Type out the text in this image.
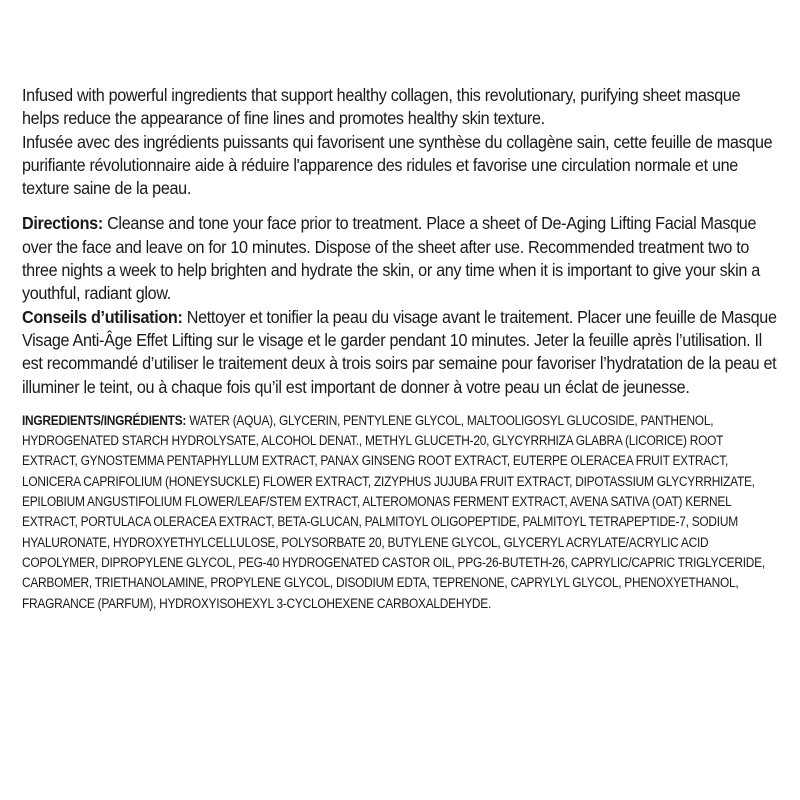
Infused with powerful ingredients that support healthy collagen, this revolutionary, purifying sheet masque helps reduce the appearance of fine lines and promotes healthy skin texture.

Infusée avec des ingrédients puissants qui favorisent une synthèse du collagène sain, cette feuille de masque purifiante révolutionnaire aide à réduire l'apparence des ridules et favorise une circulation normale et une texture saine de la peau.

Directions: Cleanse and tone your face prior to treatment. Place a sheet of De-Aging Lifting Facial Masque over the face and leave on for 10 minutes. Dispose of the sheet after use. Recommended treatment two to three nights a week to help brighten and hydrate the skin, or any time when it is important to give your skin a youthful, radiant glow.

Conseils d’utilisation: Nettoyer et tonifier la peau du visage avant le traitement. Placer une feuille de Masque Visage Anti-Âge Effet Lifting sur le visage et le garder pendant 10 minutes. Jeter la feuille après l’utilisation. Il est recommandé d’utiliser le traitement deux à trois soirs par semaine pour favoriser l’hydratation de la peau et illuminer le teint, ou à chaque fois qu’il est important de donner à votre peau un éclat de jeunesse.

INGREDIENTS/INGRÉDIENTS: WATER (AQUA), GLYCERIN, PENTYLENE GLYCOL, MALTOOLIGOSYL GLUCOSIDE, PANTHENOL, HYDROGENATED STARCH HYDROLYSATE, ALCOHOL DENAT., METHYL GLUCETH-20, GLYCYRRHIZA GLABRA (LICORICE) ROOT EXTRACT, GYNOSTEMMA PENTAPHYLLUM EXTRACT, PANAX GINSENG ROOT EXTRACT, EUTERPE OLERACEA FRUIT EXTRACT, LONICERA CAPRIFOLIUM (HONEYSUCKLE) FLOWER EXTRACT, ZIZYPHUS JUJUBA FRUIT EXTRACT, DIPOTASSIUM GLYCYRRHIZATE, EPILOBIUM ANGUSTIFOLIUM FLOWER/LEAF/STEM EXTRACT, ALTEROMONAS FERMENT EXTRACT, AVENA SATIVA (OAT) KERNEL EXTRACT, PORTULACA OLERACEA EXTRACT, BETA-GLUCAN, PALMITOYL OLIGOPEPTIDE, PALMITOYL TETRAPEPTIDE-7, SODIUM HYALURONATE, HYDROXYETHYLCELLULOSE, POLYSORBATE 20, BUTYLENE GLYCOL, GLYCERYL ACRYLATE/ACRYLIC ACID COPOLYMER, DIPROPYLENE GLYCOL, PEG-40 HYDROGENATED CASTOR OIL, PPG-26-BUTETH-26, CAPRYLIC/CAPRIC TRIGLYCERIDE, CARBOMER, TRIETHANOLAMINE, PROPYLENE GLYCOL, DISODIUM EDTA, TEPRENONE, CAPRYLYL GLYCOL, PHENOXYETHANOL, FRAGRANCE (PARFUM), HYDROXYISOHEXYL 3-CYCLOHEXENE CARBOXALDEHYDE.
